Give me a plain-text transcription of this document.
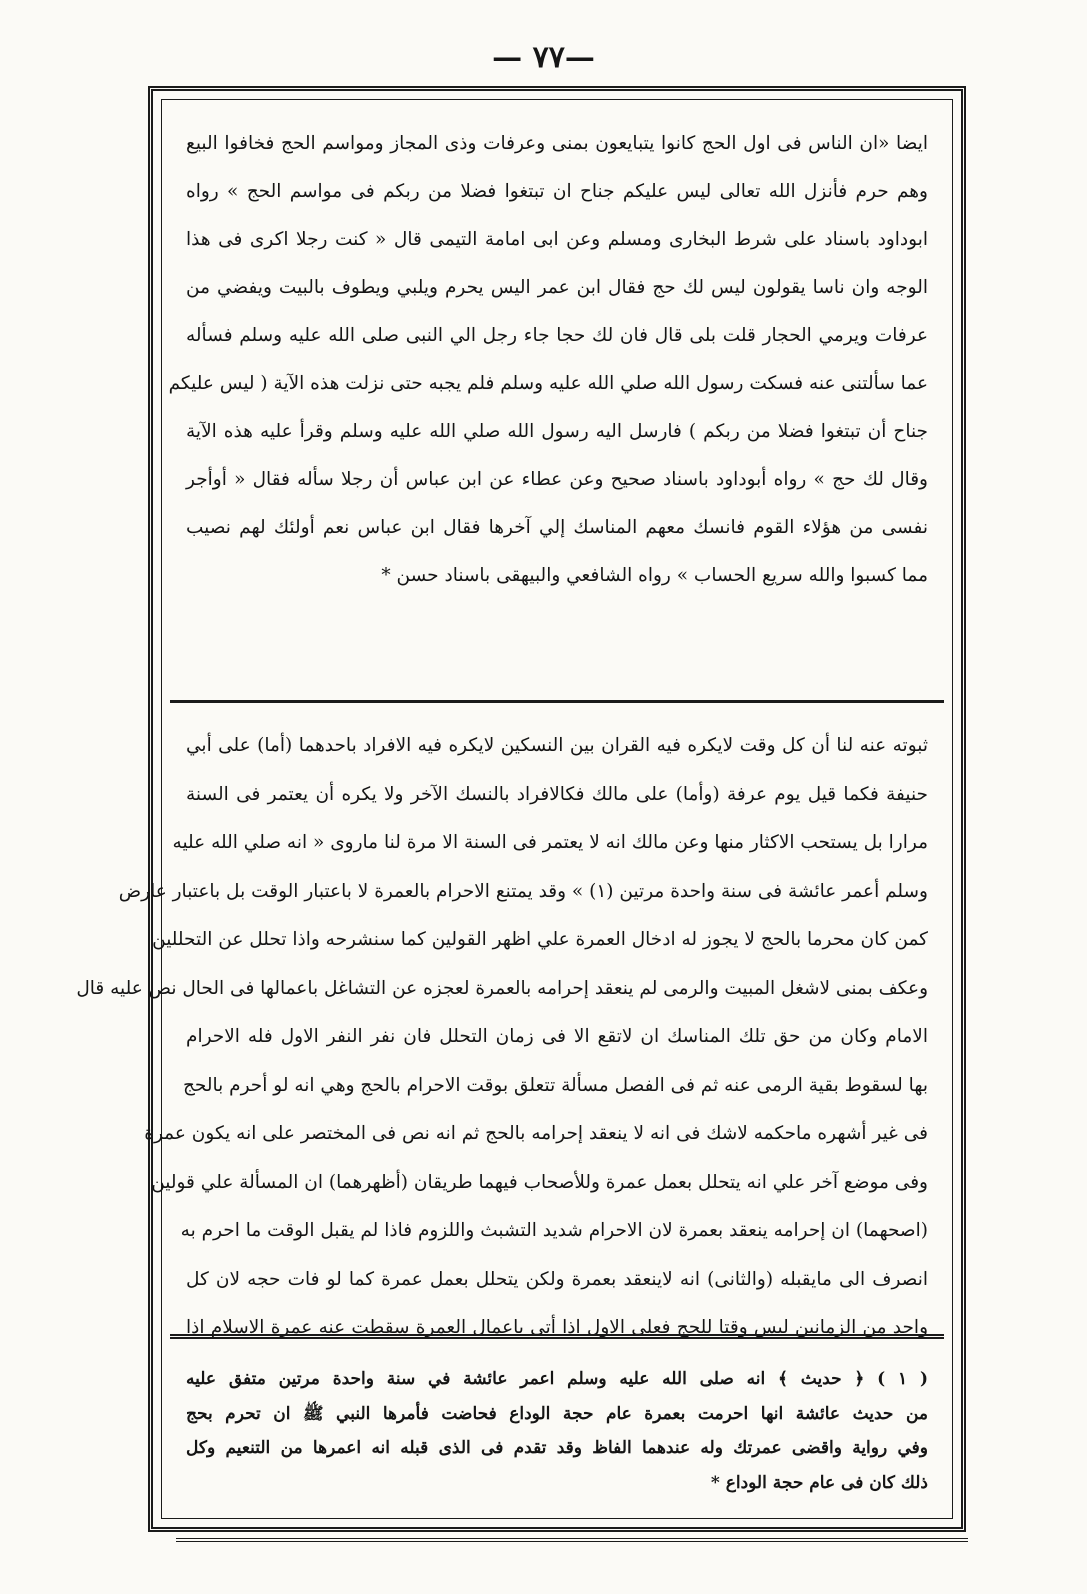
— ٧٧—

ايضا «ان الناس فى اول الحج كانوا يتبايعون بمنى وعرفات وذى المجاز ومواسم الحج فخافوا البيع

وهم حرم فأنزل الله تعالى ليس عليكم جناح ان تبتغوا فضلا من ربكم فى مواسم الحج » رواه

ابوداود باسناد على شرط البخارى ومسلم وعن ابى امامة التيمى قال « كنت رجلا اكرى فى هذا

الوجه وان ناسا يقولون ليس لك حج فقال ابن عمر اليس يحرم ويلبي ويطوف بالبيت ويفضي من

عرفات ويرمي الحجار قلت بلى قال فان لك حجا جاء رجل الي النبى صلى الله عليه وسلم فسأله

عما سألتنى عنه فسكت رسول الله صلي الله عليه وسلم فلم يجبه حتى نزلت هذه الآية ( ليس عليكم

جناح أن تبتغوا فضلا من ربكم ) فارسل اليه رسول الله صلي الله عليه وسلم وقرأ عليه هذه الآية

وقال لك حج » رواه أبوداود باسناد صحيح وعن عطاء عن ابن عباس أن رجلا سأله فقال « أوأجر

نفسى من هؤلاء القوم فانسك معهم المناسك إلي آخرها فقال ابن عباس نعم أولئك لهم نصيب

مما كسبوا والله سريع الحساب » رواه الشافعي والبيهقى باسناد حسن *

ثبوته عنه لنا أن كل وقت لايكره فيه القران بين النسكين لايكره فيه الافراد باحدهما (أما) على أبي

حنيفة فكما قيل يوم عرفة (وأما) على مالك فكالافراد بالنسك الآخر ولا يكره أن يعتمر فى السنة

مرارا بل يستحب الاكثار منها وعن مالك انه لا يعتمر فى السنة الا مرة لنا ماروى « انه صلي الله عليه

وسلم أعمر عائشة فى سنة واحدة مرتين (١) » وقد يمتنع الاحرام بالعمرة لا باعتبار الوقت بل باعتبار عارض

كمن كان محرما بالحج لا يجوز له ادخال العمرة علي اظهر القولين كما سنشرحه واذا تحلل عن التحللين

وعكف بمنى لاشغل المبيت والرمى لم ينعقد إحرامه بالعمرة لعجزه عن التشاغل باعمالها فى الحال نص عليه قال

الامام وكان من حق تلك المناسك ان لاتقع الا فى زمان التحلل فان نفر النفر الاول فله الاحرام

بها لسقوط بقية الرمى عنه ثم فى الفصل مسألة تتعلق بوقت الاحرام بالحج وهي انه لو أحرم بالحج

فى غير أشهره ماحكمه لاشك فى انه لا ينعقد إحرامه بالحج ثم انه نص فى المختصر على انه يكون عمرة

وفى موضع آخر علي انه يتحلل بعمل عمرة وللأصحاب فيهما طريقان (أظهرهما) ان المسألة علي قولين

(اصحهما) ان إحرامه ينعقد بعمرة لان الاحرام شديد التشبث واللزوم فاذا لم يقبل الوقت ما احرم به

انصرف الى مايقبله (والثانى) انه لاينعقد بعمرة ولكن يتحلل بعمل عمرة كما لو فات حجه لان كل

واحد من الزمانين ليس وقتا للحج فعلى الاول اذا أتى باعمال العمرة سقطت عنه عمرة الاسلام اذا

( ١ ) ﴿ حديث ﴾ انه صلى الله عليه وسلم اعمر عائشة في سنة واحدة مرتين متفق عليه

من حديث عائشة انها احرمت بعمرة عام حجة الوداع فحاضت فأمرها النبي ﷺ ان تحرم بحج

وفي رواية واقضى عمرتك وله عندهما الفاظ وقد تقدم فى الذى قبله انه اعمرها من التنعيم وكل

ذلك كان فى عام حجة الوداع *
